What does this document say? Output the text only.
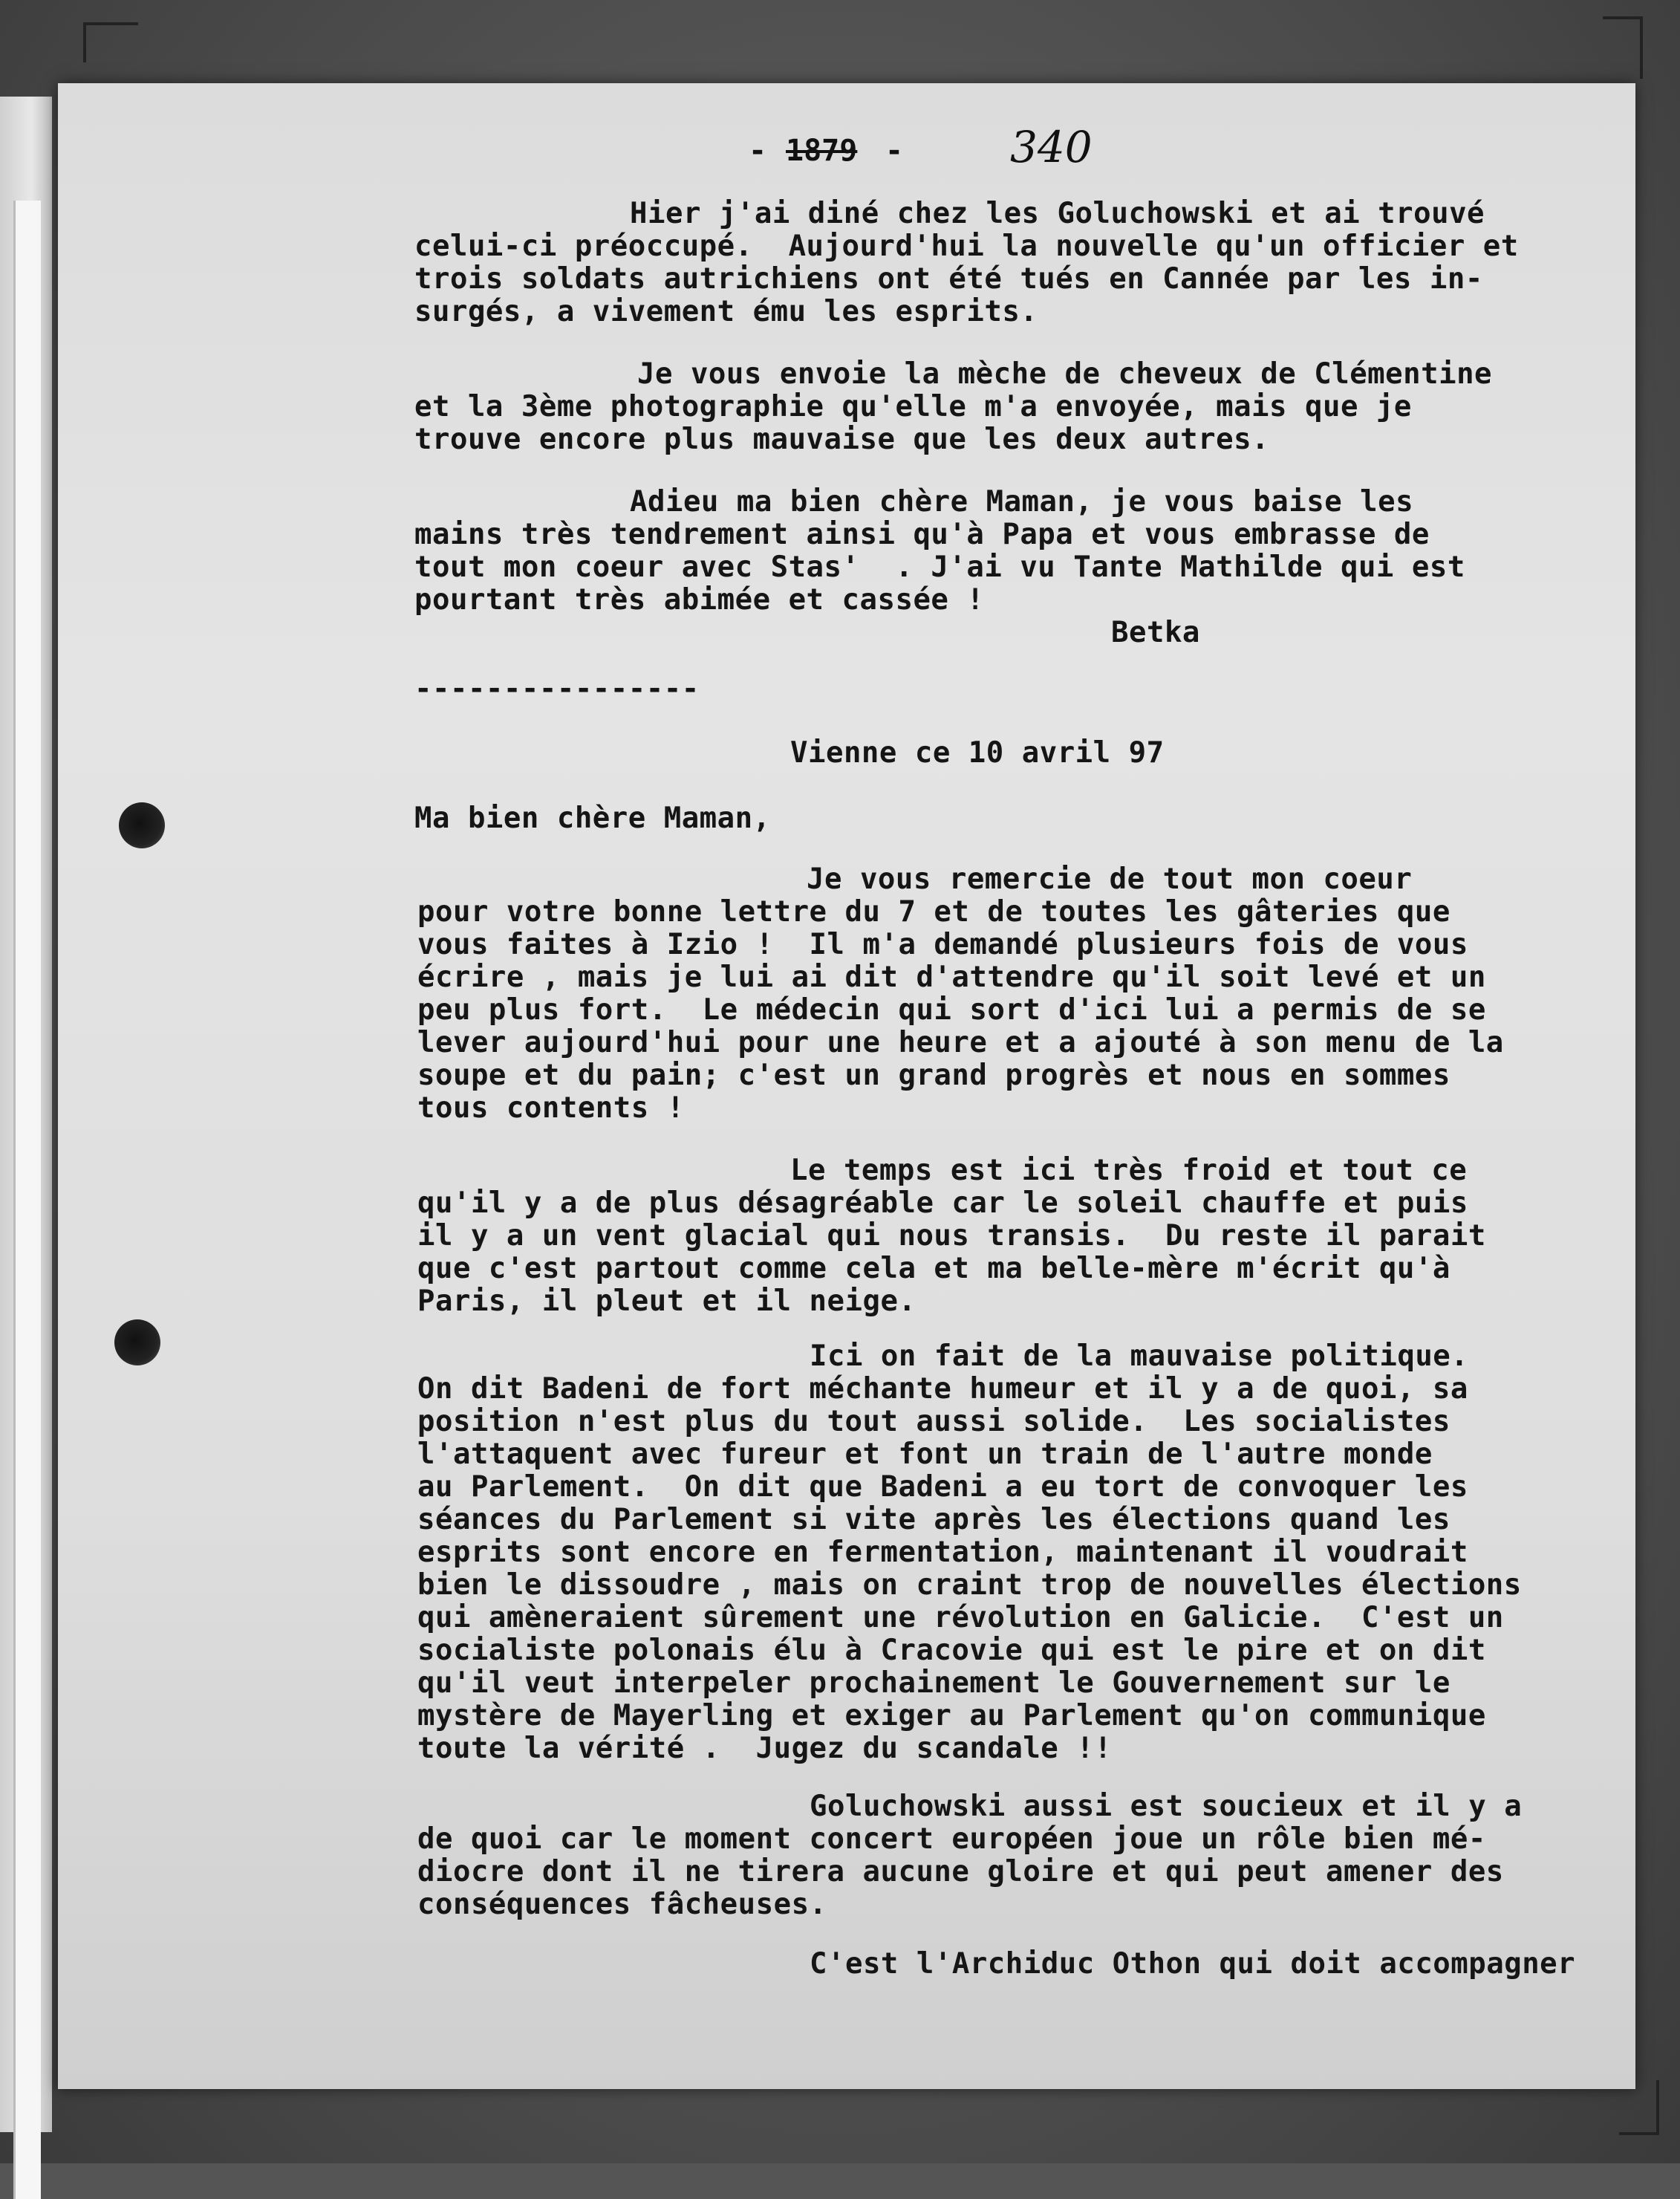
- 1879 - 340
Hier j'ai diné chez les Goluchowski et ai trouvé
celui-ci préoccupé.  Aujourd'hui la nouvelle qu'un officier et
trois soldats autrichiens ont été tués en Cannée par les in-
surgés, a vivement ému les esprits.
Je vous envoie la mèche de cheveux de Clémentine
et la 3ème photographie qu'elle m'a envoyée, mais que je
trouve encore plus mauvaise que les deux autres.
Adieu ma bien chère Maman, je vous baise les
mains très tendrement ainsi qu'à Papa et vous embrasse de
tout mon coeur avec Stas'  . J'ai vu Tante Mathilde qui est
pourtant très abimée et cassée !
Betka
----------------
Vienne ce 10 avril 97
Ma bien chère Maman,
Je vous remercie de tout mon coeur
pour votre bonne lettre du 7 et de toutes les gâteries que
vous faites à Izio !  Il m'a demandé plusieurs fois de vous
écrire , mais je lui ai dit d'attendre qu'il soit levé et un
peu plus fort.  Le médecin qui sort d'ici lui a permis de se
lever aujourd'hui pour une heure et a ajouté à son menu de la
soupe et du pain; c'est un grand progrès et nous en sommes
tous contents !
Le temps est ici très froid et tout ce
qu'il y a de plus désagréable car le soleil chauffe et puis
il y a un vent glacial qui nous transis.  Du reste il parait
que c'est partout comme cela et ma belle-mère m'écrit qu'à
Paris, il pleut et il neige.
Ici on fait de la mauvaise politique.
On dit Badeni de fort méchante humeur et il y a de quoi, sa
position n'est plus du tout aussi solide.  Les socialistes
l'attaquent avec fureur et font un train de l'autre monde
au Parlement.  On dit que Badeni a eu tort de convoquer les
séances du Parlement si vite après les élections quand les
esprits sont encore en fermentation, maintenant il voudrait
bien le dissoudre , mais on craint trop de nouvelles élections
qui amèneraient sûrement une révolution en Galicie.  C'est un
socialiste polonais élu à Cracovie qui est le pire et on dit
qu'il veut interpeler prochainement le Gouvernement sur le
mystère de Mayerling et exiger au Parlement qu'on communique
toute la vérité .  Jugez du scandale !!
Goluchowski aussi est soucieux et il y a
de quoi car le moment concert européen joue un rôle bien mé-
diocre dont il ne tirera aucune gloire et qui peut amener des
conséquences fâcheuses.
C'est l'Archiduc Othon qui doit accompagner
